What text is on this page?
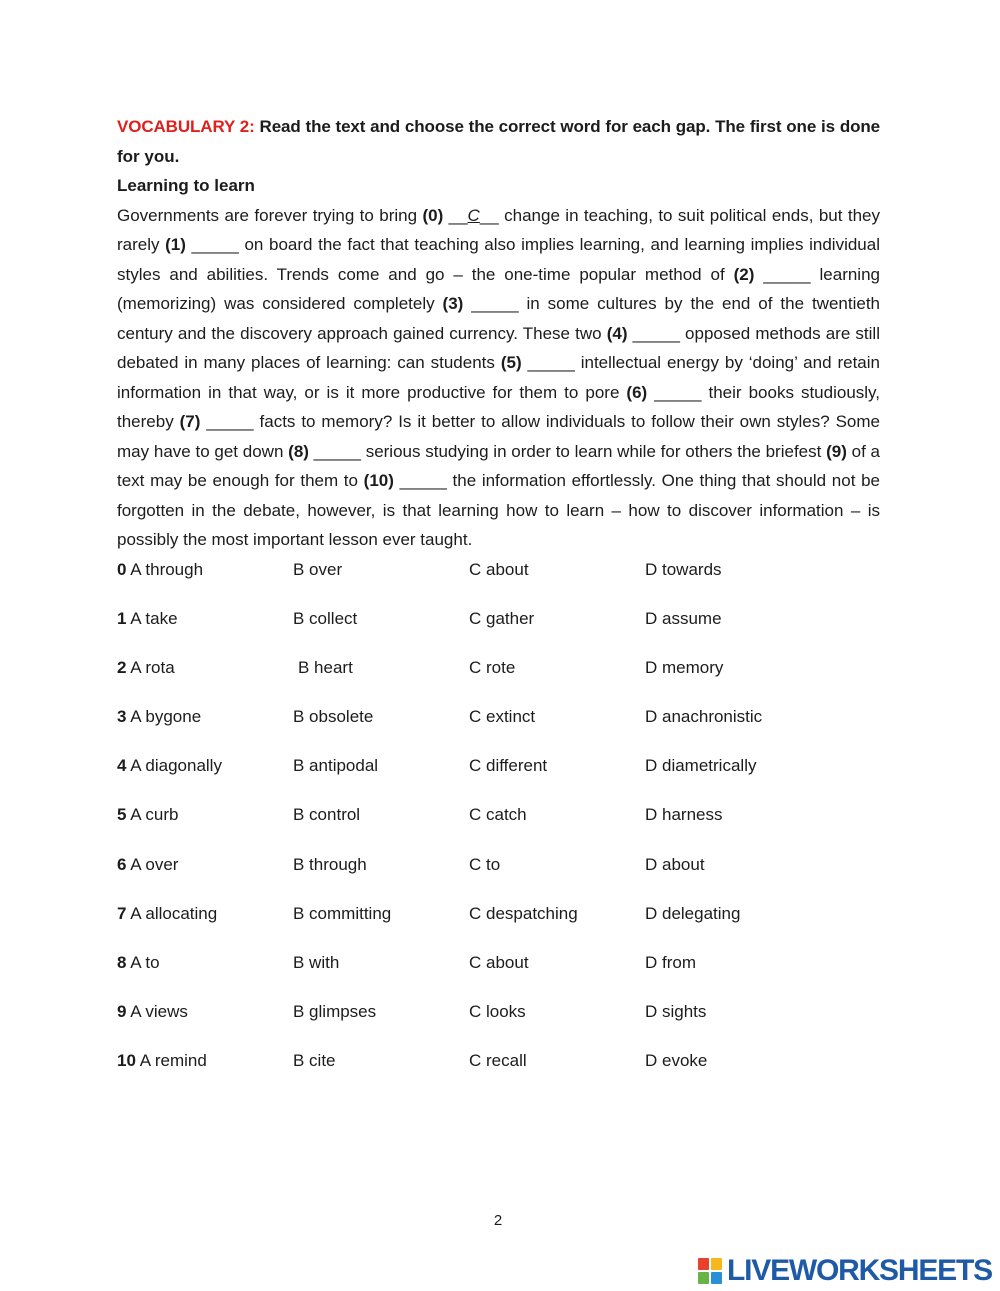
VOCABULARY 2: Read the text and choose the correct word for each gap. The first one is done
for you.
Learning to learn
Governments are forever trying to bring (0) __C__ change in teaching, to suit political ends, but they
rarely (1) _____ on board the fact that teaching also implies learning, and learning implies individual
styles and abilities. Trends come and go – the one-time popular method of (2) _____ learning
(memorizing) was considered completely (3) _____ in some cultures by the end of the twentieth
century and the discovery approach gained currency. These two (4) _____ opposed methods are still
debated in many places of learning: can students (5) _____ intellectual energy by ‘doing’ and retain
information in that way, or is it more productive for them to pore (6) _____ their books studiously,
thereby (7) _____ facts to memory? Is it better to allow individuals to follow their own styles? Some
may have to get down (8) _____ serious studying in order to learn while for others the briefest (9) of a
text may be enough for them to (10) _____ the information effortlessly. One thing that should not be
forgotten in the debate, however, is that learning how to learn – how to discover information – is
possibly the most important lesson ever taught.
0 A through	B over	C about	D towards
1 A take	B collect	C gather	D assume
2 A rota	B heart	C rote	D memory
3 A bygone	B obsolete	C extinct	D anachronistic
4 A diagonally	B antipodal	C different	D diametrically
5 A curb	B control	C catch	D harness
6 A over	B through	C to	D about
7 A allocating	B committing	C despatching	D delegating
8 A to	B with	C about	D from
9 A views	B glimpses	C looks	D sights
10 A remind	B cite	C recall	D evoke
2
LIVEWORKSHEETS
